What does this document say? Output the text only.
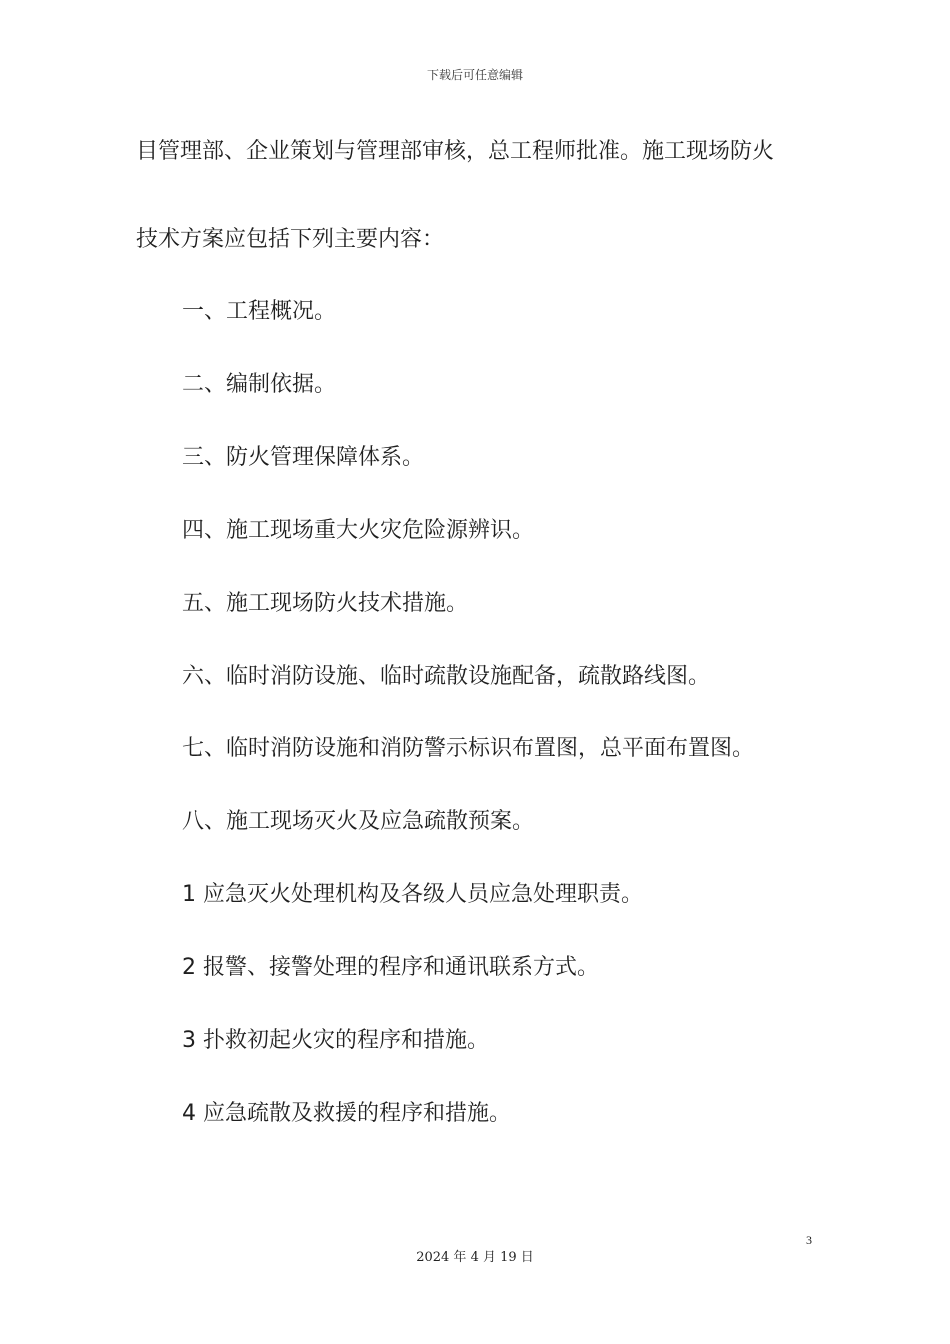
下载后可任意编辑
目管理部、企业策划与管理部审核，总工程师批准。施工现场防火
技术方案应包括下列主要内容：
一、工程概况。
二、编制依据。
三、防火管理保障体系。
四、施工现场重大火灾危险源辨识。
五、施工现场防火技术措施。
六、临时消防设施、临时疏散设施配备，疏散路线图。
七、临时消防设施和消防警示标识布置图，总平面布置图。
八、施工现场灭火及应急疏散预案。
1 应急灭火处理机构及各级人员应急处理职责。
2 报警、接警处理的程序和通讯联系方式。
3 扑救初起火灾的程序和措施。
4 应急疏散及救援的程序和措施。
3
2024 年 4 月 19 日
